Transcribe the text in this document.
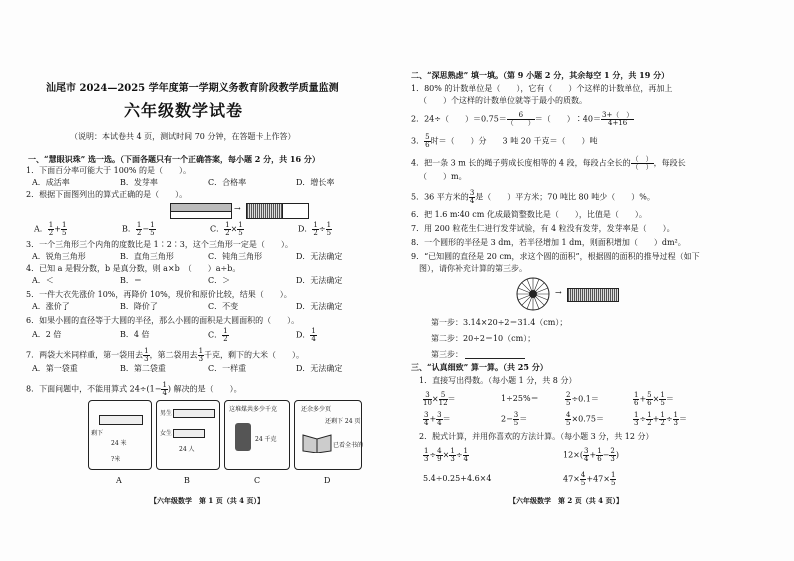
汕尾市 2024—2025 学年度第一学期义务教育阶段教学质量监测
六年级数学试卷
（说明：本试卷共 4 页，测试时间 70 分钟，在答题卡上作答）
一、“慧眼识珠” 选一选。（下面各题只有一个正确答案，每小题 2 分，共 16 分）
1．下面百分率可能大于 100% 的是（　　）。
A．成活率	B．发芽率	C．合格率	D．增长率
2．根据下面图列出的算式正确的是（　　）。
→
A． $\frac{1}{2} + \frac{1}{5}$	B． $\frac{1}{2} - \frac{1}{5}$	C． $\frac{1}{2} \times \frac{1}{5}$	D． $\frac{1}{2} \div \frac{1}{5}$
3．一个三角形三个内角的度数比是 1∶2∶3，这个三角形一定是（　　）。
A．锐角三角形	B．直角三角形	C．钝角三角形	D．无法确定
4．已知 a 是假分数，b 是真分数，则 a×b　（　　）a÷b。
A．＜	B．＝	C．＞	D．无法确定
5．一件大衣先涨价 10%，再降价 10%，现价和原价比较，结果（　　）。
A．涨价了	B．降价了	C．不变	D．无法确定
6．如果小圆的直径等于大圆的半径，那么小圆的面积是大圆面积的（　　）。
A．2 倍	B．4 倍	C． $\frac{1}{2}$	D． $\frac{1}{4}$
7．两袋大米同样重，第一袋用去 $\frac{1}{3}$ ，第二袋用去 $\frac{1}{3}$ 千克，剩下的大米（　　）。
A．第一袋重	B．第二袋重	C．一样重	D．无法确定
8．下面问题中，不能用算式 $24\div(1- \frac{1}{4}$ ) 解决的是（　　）。
剩下
24 米
?米
男生
女生
24 人
这堆煤共多少千克
24 千克
还余多少页
还剩下 24 页
已看全书的
A	B	C	D
【六年级数学　第 1 页（共 4 页）】
二、“深思熟虑” 填一填。（第 9 小题 2 分，其余每空 1 分，共 19 分）
1．80% 的计数单位是（　　），它有（　　）个这样的计数单位，再加上
（　　）个这样的计数单位就等于最小的质数。
2．24÷（　　）$=0.75= \frac{6}{( )}$ ＝（　　）∶40＝ $\frac{3+( )}{4+16}$
3． $\frac{5}{6}$ 时＝（　　）分　　3 吨 20 千克＝（　　）吨
4．把一条 3 m 长的绳子剪成长度相等的 4 段，每段占全长的 $\frac{( )}{( )}$ ，每段长
（　　）m。
5．36 平方米的 $\frac{3}{4}$ 是（　　）平方米；70 吨比 80 吨少（　　）%。
6．把 1.6 m∶40 cm 化成最简整数比是（　　），比值是（　　）。
7．用 200 粒花生仁进行发芽试验，有 4 粒没有发芽，发芽率是（　　）。
8．一个圆形的半径是 3 dm，若半径增加 1 dm，则面积增加（　　）dm²。
9．“已知圆的直径是 20 cm，求这个圆的面积”，根据圆的面积的推导过程（如下
图），请你补充计算的第三步。
→
第一步：3.14×20÷2＝31.4（cm）；
第二步：20÷2＝10（cm）；
第三步：
三、“认真细致” 算一算。（共 25 分）
1．直接写出得数。（每小题 1 分，共 8 分）
$\frac{3}{10} \times \frac{5}{12}$ ＝	1÷25%＝	$\frac{2}{5} \div 0.1=$	$\frac{1}{6} + \frac{5}{6} \times \frac{1}{5}$ ＝
$\frac{3}{4} + \frac{3}{4}$ ＝	$2- \frac{3}{5}$ ＝	$\frac{4}{5} \times 0.75=$	$\frac{1}{3} \div \frac{1}{2} + \frac{1}{2} \div \frac{1}{3}$ ＝
2．脱式计算，并用你喜欢的方法计算。（每小题 3 分，共 12 分）
$\frac{1}{3} \div \frac{4}{9} \times \frac{1}{3} \div \frac{1}{4}$	$12\times( \frac{3}{4} + \frac{1}{6} - \frac{2}{3}$ )
5.4÷0.25+4.6×4	$47\times \frac{4}{5} +47\times \frac{1}{5}$
【六年级数学　第 2 页（共 4 页）】
